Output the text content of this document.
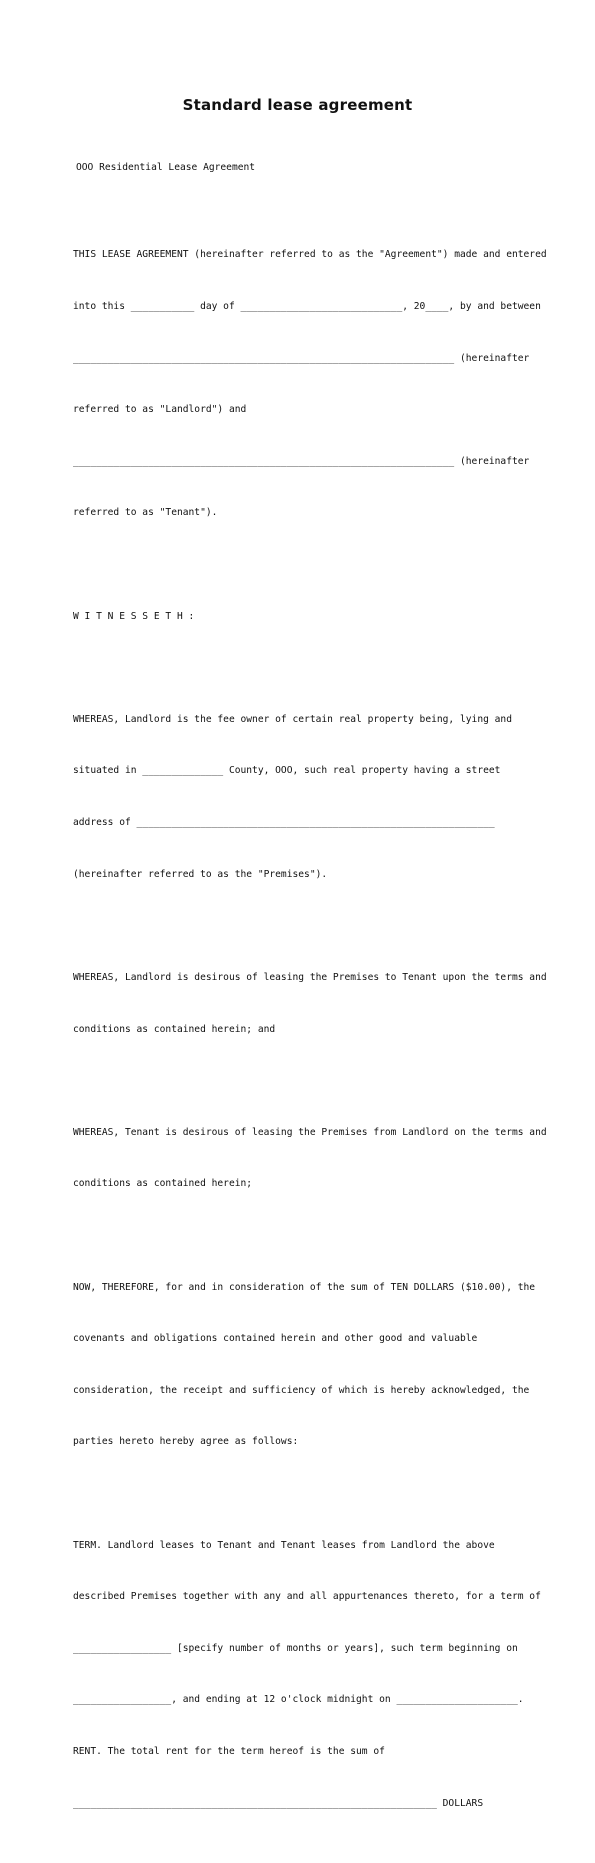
Standard lease agreement
OOO Residential Lease Agreement

THIS LEASE AGREEMENT (hereinafter referred to as the "Agreement") made and entered

into this ___________ day of ____________________________, 20____, by and between

__________________________________________________________________ (hereinafter

referred to as "Landlord") and

__________________________________________________________________ (hereinafter

referred to as "Tenant").

W I T N E S S E T H :

WHEREAS, Landlord is the fee owner of certain real property being, lying and

situated in ______________ County, OOO, such real property having a street

address of ______________________________________________________________

(hereinafter referred to as the "Premises").

WHEREAS, Landlord is desirous of leasing the Premises to Tenant upon the terms and

conditions as contained herein; and

WHEREAS, Tenant is desirous of leasing the Premises from Landlord on the terms and

conditions as contained herein;

NOW, THEREFORE, for and in consideration of the sum of TEN DOLLARS ($10.00), the

covenants and obligations contained herein and other good and valuable

consideration, the receipt and sufficiency of which is hereby acknowledged, the

parties hereto hereby agree as follows:

TERM. Landlord leases to Tenant and Tenant leases from Landlord the above

described Premises together with any and all appurtenances thereto, for a term of

_________________ [specify number of months or years], such term beginning on

_________________, and ending at 12 o'clock midnight on _____________________.

RENT. The total rent for the term hereof is the sum of

_______________________________________________________________ DOLLARS
